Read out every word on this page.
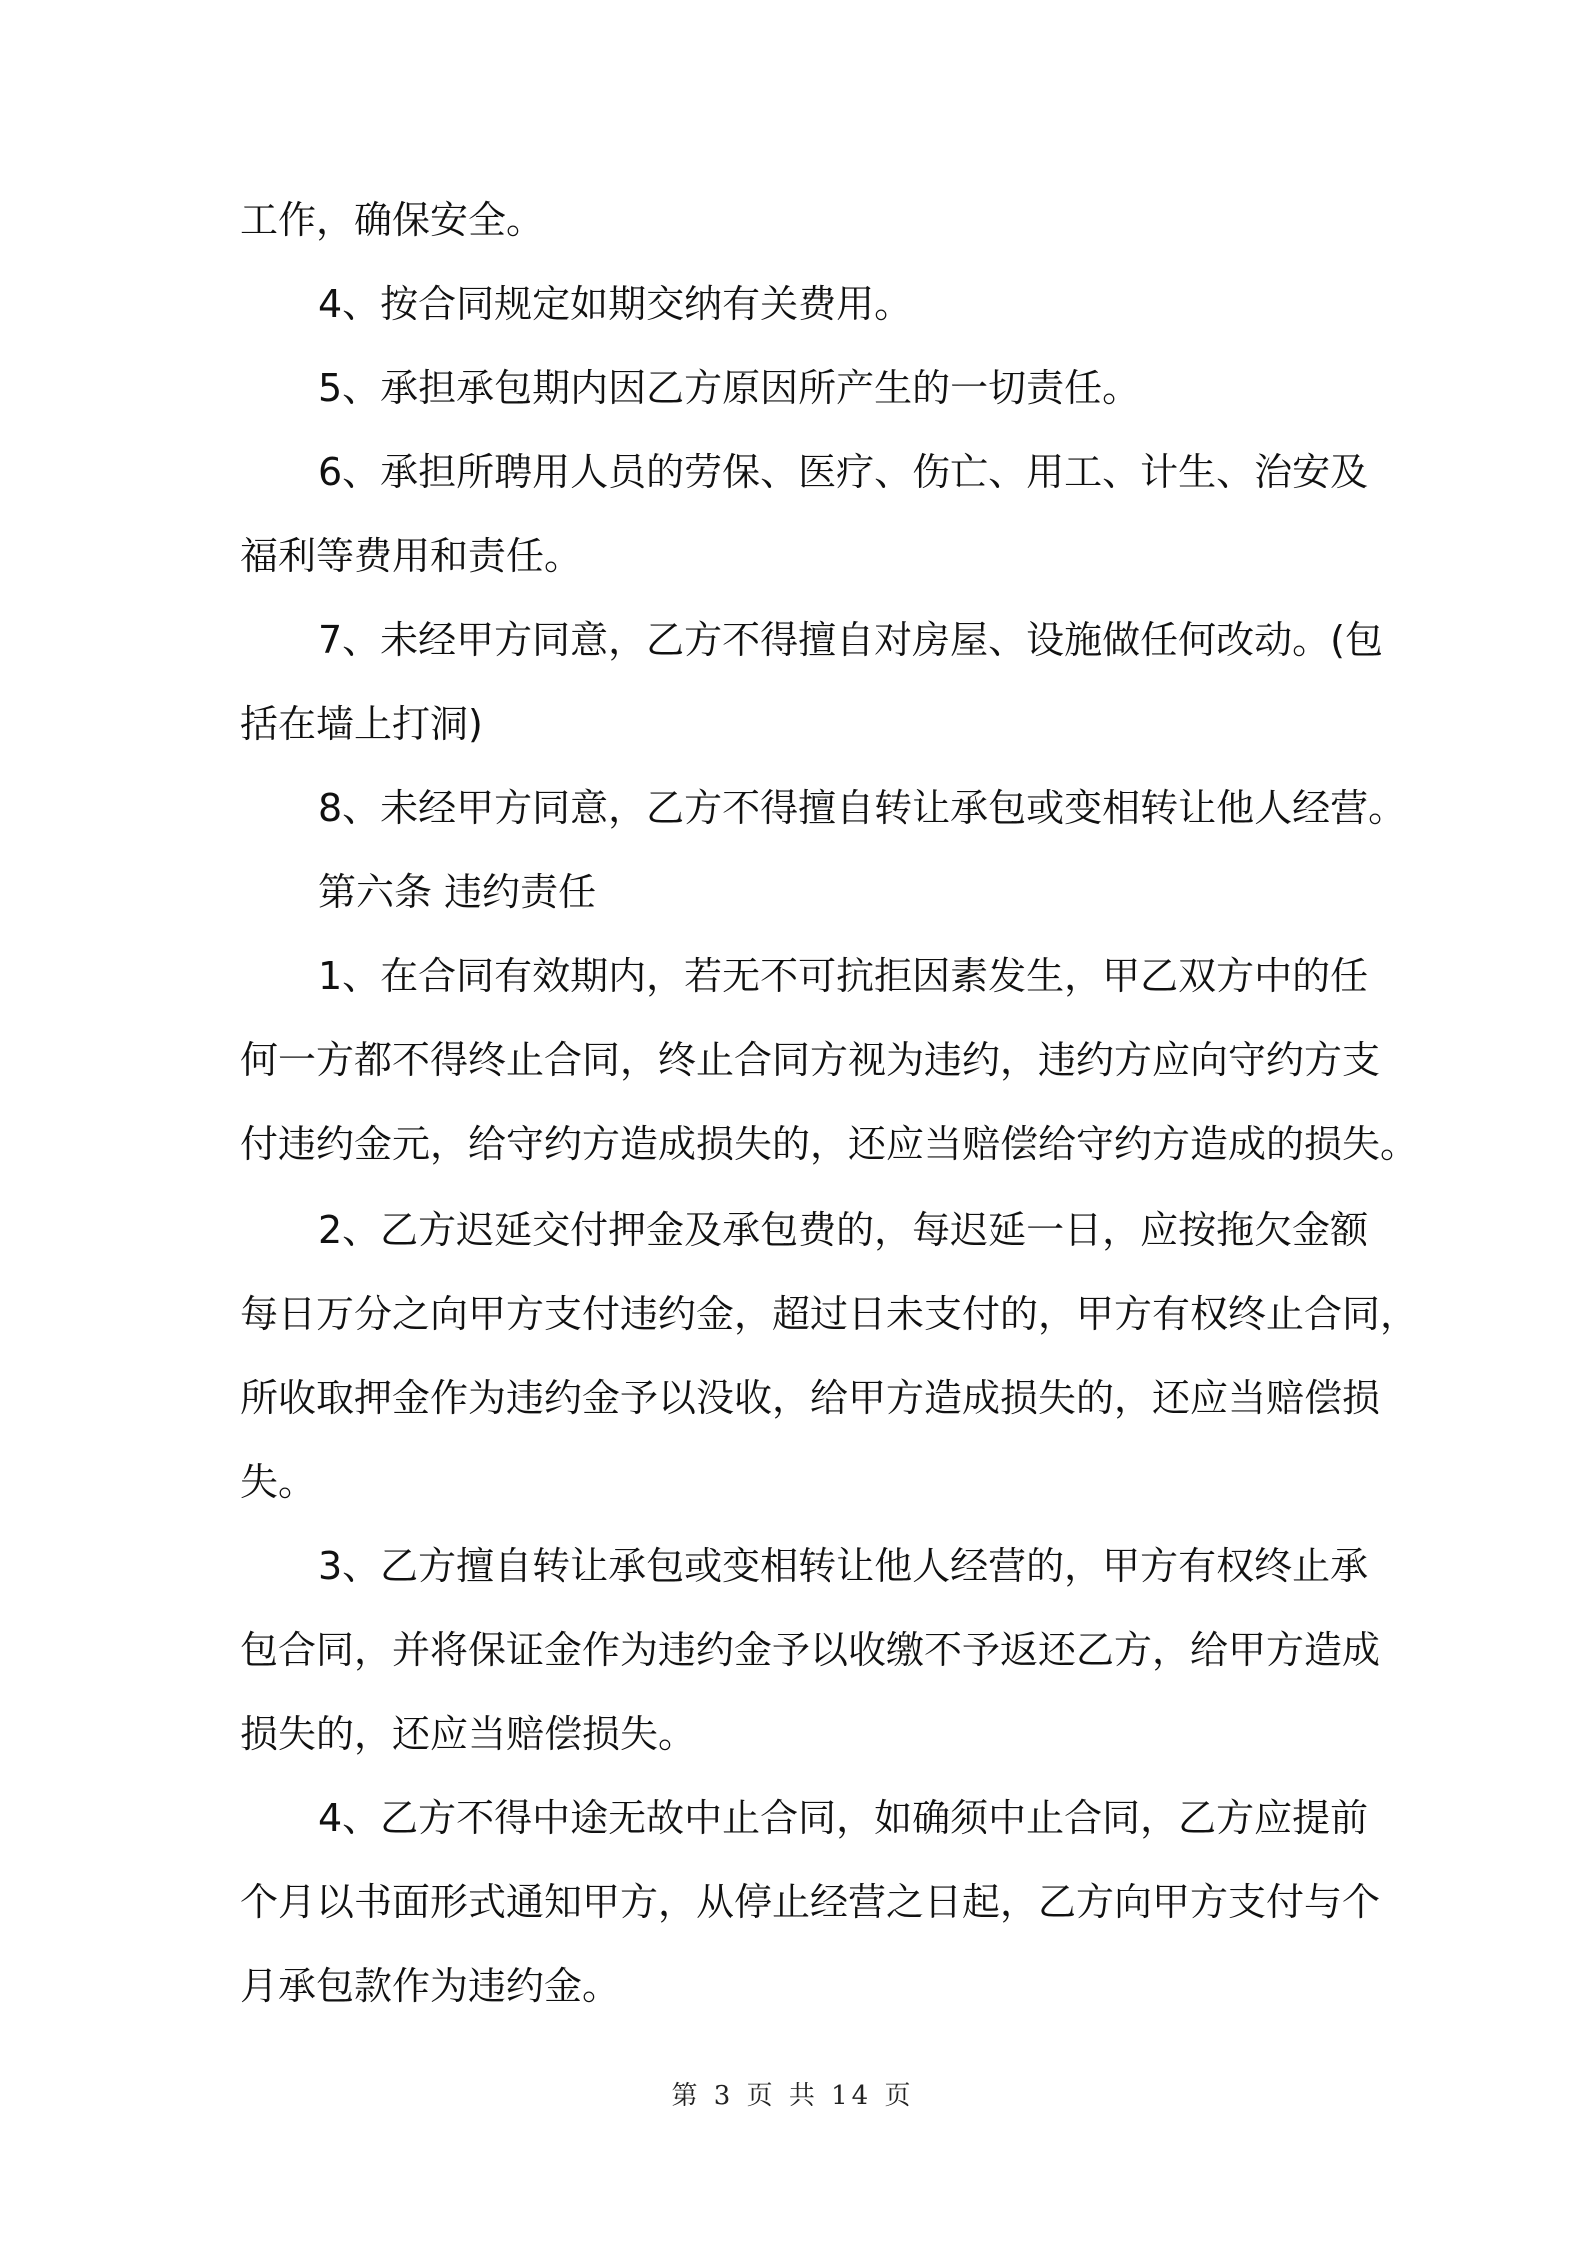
工作，确保安全。
4、按合同规定如期交纳有关费用。
5、承担承包期内因乙方原因所产生的一切责任。
6、承担所聘用人员的劳保、医疗、伤亡、用工、计生、治安及
福利等费用和责任。
7、未经甲方同意，乙方不得擅自对房屋、设施做任何改动。(包
括在墙上打洞)
8、未经甲方同意，乙方不得擅自转让承包或变相转让他人经营。
第六条 违约责任
1、在合同有效期内，若无不可抗拒因素发生，甲乙双方中的任
何一方都不得终止合同，终止合同方视为违约，违约方应向守约方支
付违约金元，给守约方造成损失的，还应当赔偿给守约方造成的损失。
2、乙方迟延交付押金及承包费的，每迟延一日，应按拖欠金额
每日万分之向甲方支付违约金，超过日未支付的，甲方有权终止合同，
所收取押金作为违约金予以没收，给甲方造成损失的，还应当赔偿损
失。
3、乙方擅自转让承包或变相转让他人经营的，甲方有权终止承
包合同，并将保证金作为违约金予以收缴不予返还乙方，给甲方造成
损失的，还应当赔偿损失。
4、乙方不得中途无故中止合同，如确须中止合同，乙方应提前
个月以书面形式通知甲方，从停止经营之日起，乙方向甲方支付与个
月承包款作为违约金。
第 3 页 共 14 页
